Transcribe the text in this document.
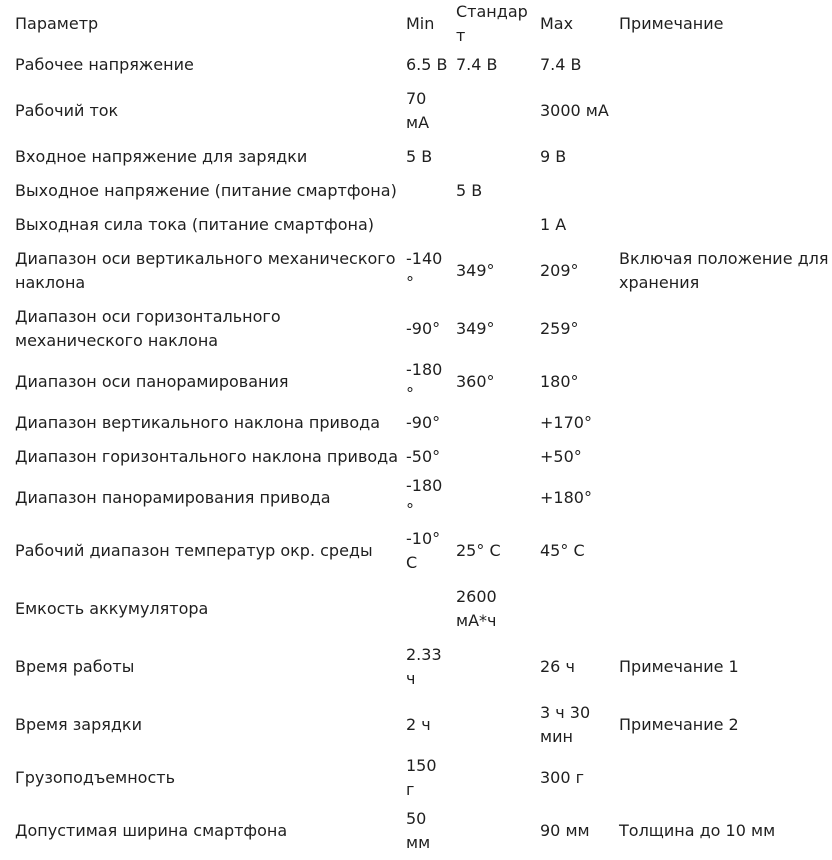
Параметр	Min	Стандарт	Max	Примечание
Рабочее напряжение	6.5 В	7.4 В	7.4 В	
Рабочий ток	70 мА		3000 мА	
Входное напряжение для зарядки	5 В		9 В	
Выходное напряжение (питание смартфона)		5 В		
Выходная сила тока (питание смартфона)			1 А	
Диапазон оси вертикального механического наклона	-140°	349°	209°	Включая положение для хранения
Диапазон оси горизонтального механического наклона	-90°	349°	259°	
Диапазон оси панорамирования	-180°	360°	180°	
Диапазон вертикального наклона привода	-90°		+170°	
Диапазон горизонтального наклона привода	-50°		+50°	
Диапазон панорамирования привода	-180°		+180°	
Рабочий диапазон температур окр. среды	-10° С	25° С	45° С	
Емкость аккумулятора		2600 мА*ч		
Время работы	2.33 ч		26 ч	Примечание 1
Время зарядки	2 ч		3 ч 30 мин	Примечание 2
Грузоподъемность	150 г		300 г	
Допустимая ширина смартфона	50 мм		90 мм	Толщина до 10 мм
